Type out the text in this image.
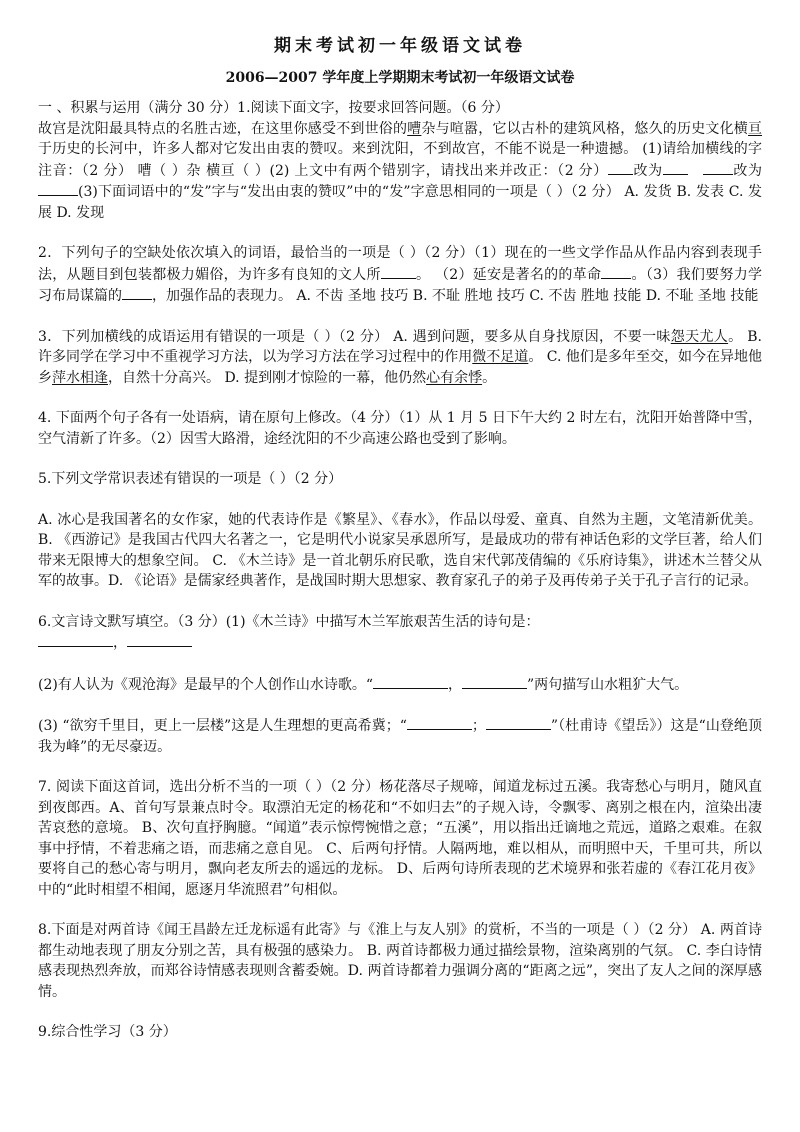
期末考试初一年级语文试卷
2006—2007 学年度上学期期末考试初一年级语文试卷

一 、积累与运用（满分 30 分）1.阅读下面文字，按要求回答问题。（6 分）
故宫是沈阳最具特点的名胜古迹，在这里你感受不到世俗的嘈杂与喧嚣，它以古朴的建筑风格，悠久的历史文化横亘于历史的长河中，许多人都对它发出由衷的赞叹。来到沈阳，不到故宫，不能不说是一种遗撼。 (1)请给加横线的字注音：（2 分） 嘈（ ）杂 横亘（ ）(2) 上文中有两个错别字，请找出来并改正：（2 分） 改为	改为(3)下面词语中的“发”字与“发出由衷的赞叹”中的“发”字意思相同的一项是（ ）（2 分） A. 发货 B. 发表 C. 发展 D. 发现

2．下列句子的空缺处依次填入的词语，最恰当的一项是（ ）（2 分）（1）现在的一些文学作品从作品内容到表现手法，从题目到包装都极力媚俗，为许多有良知的文人所	。 （2）延安是著名的的革命 。（3）我们要努力学习布局谋篇的 ，加强作品的表现力。 A. 不齿 圣地 技巧 B. 不耻 胜地 技巧 C. 不齿 胜地 技能 D. 不耻 圣地 技能

3．下列加横线的成语运用有错误的一项是（ ）（2 分） A. 遇到问题，要多从自身找原因，不要一味怨天尤人。 B. 许多同学在学习中不重视学习方法，以为学习方法在学习过程中的作用微不足道。 C. 他们是多年至交，如今在异地他乡萍水相逢，自然十分高兴。 D. 提到刚才惊险的一幕，他仍然心有余悸。

4. 下面两个句子各有一处语病，请在原句上修改。（4 分）（1）从 1 月 5 日下午大约 2 时左右，沈阳开始普降中雪，空气清新了许多。（2）因雪大路滑，途经沈阳的不少高速公路也受到了影响。

5.下列文学常识表述有错误的一项是（ ）（2 分）

A. 冰心是我国著名的女作家，她的代表诗作是《繁星》、《春水》，作品以母爱、童真、自然为主题，文笔清新优美。 B. 《西游记》是我国古代四大名著之一，它是明代小说家吴承恩所写，是最成功的带有神话色彩的文学巨著，给人们带来无限博大的想象空间。 C. 《木兰诗》是一首北朝乐府民歌，选自宋代郭茂倩编的《乐府诗集》，讲述木兰替父从军的故事。D. 《论语》是儒家经典著作，是战国时期大思想家、教育家孔子的弟子及再传弟子关于孔子言行的记录。

6.文言诗文默写填空。（3 分）(1)《木兰诗》中描写木兰军旅艰苦生活的诗句是：
，

(2)有人认为《观沧海》是最早的个人创作山水诗歌。“	，	”两句描写山水粗犷大气。

(3) “欲穷千里目，更上一层楼”这是人生理想的更高希冀；“	；	”（杜甫诗《望岳》）这是“山登绝顶我为峰”的无尽豪迈。

7. 阅读下面这首词，选出分析不当的一项（ ）（2 分）杨花落尽子规啼，闻道龙标过五溪。我寄愁心与明月，随风直到夜郎西。A、首句写景兼点时令。取漂泊无定的杨花和“不如归去”的子规入诗，令飘零、离别之根在内，渲染出凄苦哀愁的意境。 B、次句直抒胸臆。“闻道”表示惊愕惋惜之意；“五溪”，用以指出迁谪地之荒远，道路之艰难。在叙事中抒情，不着悲痛之语，而悲痛之意自见。 C、后两句抒情。人隔两地，难以相从，而明照中天，千里可共，所以要将自己的愁心寄与明月，飘向老友所去的遥远的龙标。 D、后两句诗所表现的艺术境界和张若虚的《春江花月夜》中的“此时相望不相闻，愿逐月华流照君”句相似。

8.下面是对两首诗《闻王昌龄左迁龙标遥有此寄》与《淮上与友人别》的赏析，不当的一项是（ ）（2 分） A. 两首诗都生动地表现了朋友分别之苦，具有极强的感染力。 B. 两首诗都极力通过描绘景物，渲染离别的气氛。 C. 李白诗情感表现热烈奔放，而郑谷诗情感表现则含蓄委婉。D. 两首诗都着力强调分离的“距离之远”，突出了友人之间的深厚感情。

9.综合性学习（3 分）
